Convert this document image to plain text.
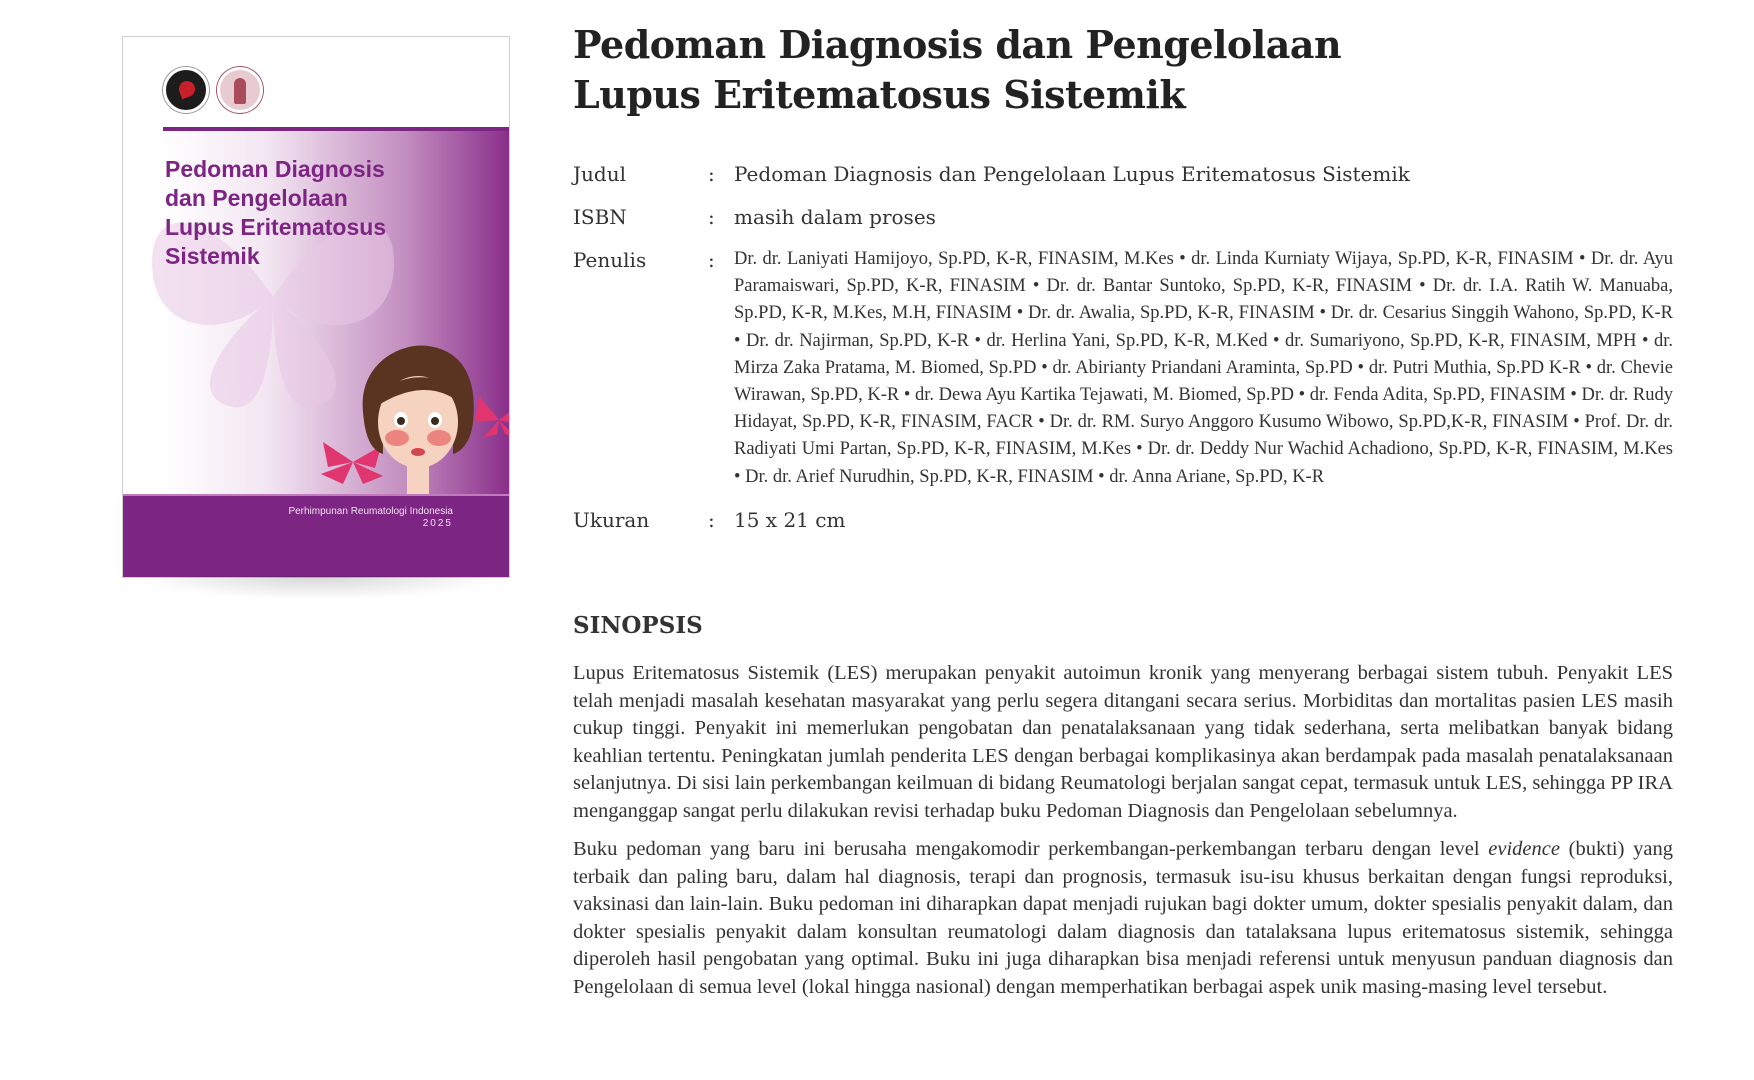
Pedoman Diagnosis
dan Pengelolaan
Lupus Eritematosus Sistemik
Perhimpunan Reumatologi Indonesia
2025
Pedoman Diagnosis dan Pengelolaan
Lupus Eritematosus Sistemik
Judul	: Pedoman Diagnosis dan Pengelolaan Lupus Eritematosus Sistemik
ISBN	: masih dalam proses
Penulis	:	Dr. dr. Laniyati Hamijoyo, Sp.PD, K-R, FINASIM, M.Kes • dr. Linda Kurniaty Wijaya, Sp.PD, K-R, FINASIM • Dr. dr. Ayu Paramaiswari, Sp.PD, K-R, FINASIM • Dr. dr. Bantar Suntoko, Sp.PD, K-R, FINASIM • Dr. dr. I.A. Ratih W. Manuaba, Sp.PD, K-R, M.Kes, M.H, FINASIM • Dr. dr. Awalia, Sp.PD, K-R, FINASIM • Dr. dr. Cesarius Singgih Wahono, Sp.PD, K-R • Dr. dr. Najirman, Sp.PD, K-R • dr. Herlina Yani, Sp.PD, K-R, M.Ked • dr. Sumariyono, Sp.PD, K-R, FINASIM, MPH • dr. Mirza Zaka Pratama, M. Biomed, Sp.PD • dr. Abirianty Priandani Araminta, Sp.PD • dr. Putri Muthia, Sp.PD K-R • dr. Chevie Wirawan, Sp.PD, K-R • dr. Dewa Ayu Kartika Tejawati, M. Biomed, Sp.PD • dr. Fenda Adita, Sp.PD, FINASIM • Dr. dr. Rudy Hidayat, Sp.PD, K-R, FINASIM, FACR • Dr. dr. RM. Suryo Anggoro Kusumo Wibowo, Sp.PD,K-R, FINASIM • Prof. Dr. dr. Radiyati Umi Partan, Sp.PD, K-R, FINASIM, M.Kes • Dr. dr. Deddy Nur Wachid Achadiono, Sp.PD, K-R, FINASIM, M.Kes • Dr. dr. Arief Nurudhin, Sp.PD, K-R, FINASIM • dr. Anna Ariane, Sp.PD, K-R
Ukuran	: 15 x 21 cm
SINOPSIS

Lupus Eritematosus Sistemik (LES) merupakan penyakit autoimun kronik yang menyerang berbagai sistem tubuh. Penyakit LES telah menjadi masalah kesehatan masyarakat yang perlu segera ditangani secara serius. Morbiditas dan mortalitas pasien LES masih cukup tinggi. Penyakit ini memerlukan pengobatan dan penatalaksanaan yang tidak sederhana, serta melibatkan banyak bidang keahlian tertentu. Peningkatan jumlah penderita LES dengan berbagai komplikasinya akan berdampak pada masalah penatalaksanaan selanjutnya. Di sisi lain perkembangan keilmuan di bidang Reumatologi berjalan sangat cepat, termasuk untuk LES, sehingga PP IRA menganggap sangat perlu dilakukan revisi terhadap buku Pedoman Diagnosis dan Pengelolaan sebelumnya.

Buku pedoman yang baru ini berusaha mengakomodir perkembangan-perkembangan terbaru dengan level evidence (bukti) yang terbaik dan paling baru, dalam hal diagnosis, terapi dan prognosis, termasuk isu-isu khusus berkaitan dengan fungsi reproduksi, vaksinasi dan lain-lain. Buku pedoman ini diharapkan dapat menjadi rujukan bagi dokter umum, dokter spesialis penyakit dalam, dan dokter spesialis penyakit dalam konsultan reumatologi dalam diagnosis dan tatalaksana lupus eritematosus sistemik, sehingga diperoleh hasil pengobatan yang optimal. Buku ini juga diharapkan bisa menjadi referensi untuk menyusun panduan diagnosis dan Pengelolaan di semua level (lokal hingga nasional) dengan memperhatikan berbagai aspek unik masing-masing level tersebut.
